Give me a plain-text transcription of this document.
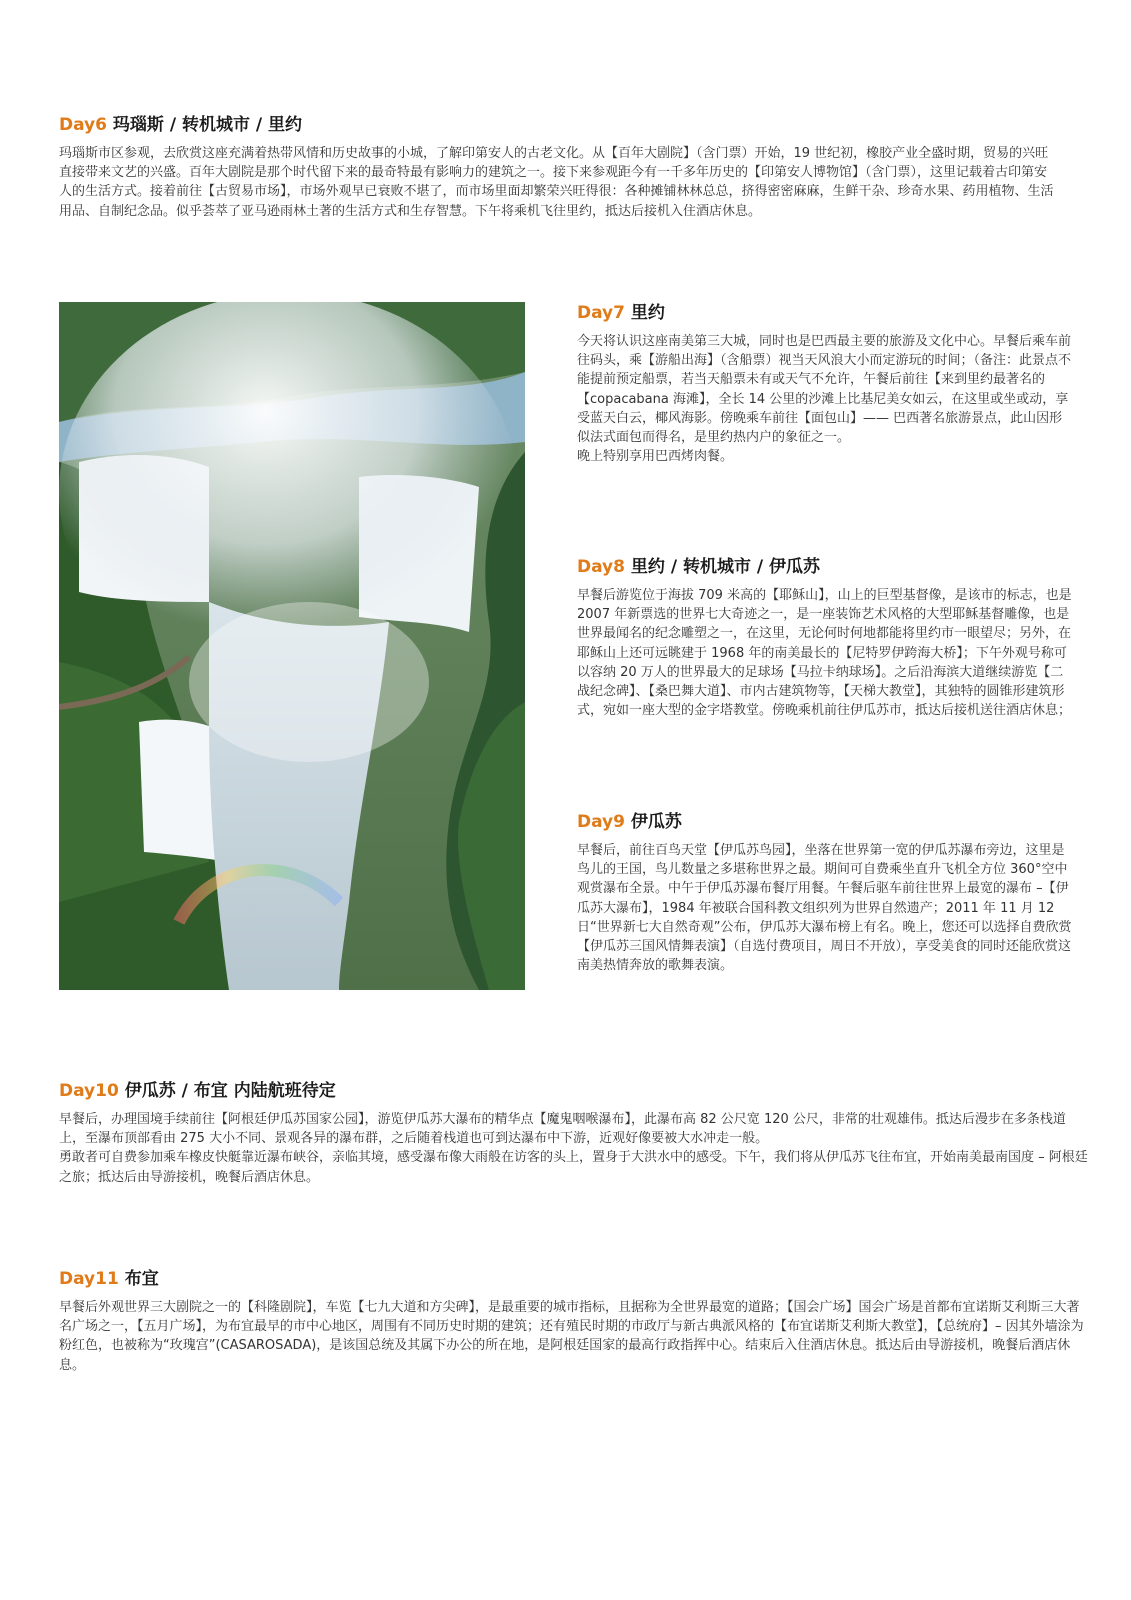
Day6 玛瑙斯 / 转机城市 / 里约

玛瑙斯市区参观，去欣赏这座充满着热带风情和历史故事的小城，了解印第安人的古老文化。从【百年大剧院】（含门票）开始，19 世纪初，橡胶产业全盛时期，贸易的兴旺直接带来文艺的兴盛。百年大剧院是那个时代留下来的最奇特最有影响力的建筑之一。接下来参观距今有一千多年历史的【印第安人博物馆】（含门票），这里记载着古印第安人的生活方式。接着前往【古贸易市场】，市场外观早已衰败不堪了，而市场里面却繁荣兴旺得很：各种摊铺林林总总，挤得密密麻麻，生鲜干杂、珍奇水果、药用植物、生活用品、自制纪念品。似乎荟萃了亚马逊雨林土著的生活方式和生存智慧。下午将乘机飞往里约，抵达后接机入住酒店休息。

Day7 里约

今天将认识这座南美第三大城，同时也是巴西最主要的旅游及文化中心。早餐后乘车前往码头，乘【游船出海】（含船票）视当天风浪大小而定游玩的时间；（备注：此景点不能提前预定船票，若当天船票未有或天气不允许，午餐后前往【来到里约最著名的【copacabana 海滩】，全长 14 公里的沙滩上比基尼美女如云，在这里或坐或动，享受蓝天白云，椰风海影。傍晚乘车前往【面包山】—— 巴西著名旅游景点，此山因形似法式面包而得名，是里约热内户的象征之一。

晚上特别享用巴西烤肉餐。

Day8 里约 / 转机城市 / 伊瓜苏

早餐后游览位于海拔 709 米高的【耶稣山】，山上的巨型基督像，是该市的标志，也是 2007 年新票选的世界七大奇迹之一，是一座装饰艺术风格的大型耶稣基督雕像，也是世界最闻名的纪念雕塑之一，在这里，无论何时何地都能将里约市一眼望尽；另外，在耶稣山上还可远眺建于 1968 年的南美最长的【尼特罗伊跨海大桥】；下午外观号称可以容纳 20 万人的世界最大的足球场【马拉卡纳球场】。之后沿海滨大道继续游览【二战纪念碑】、【桑巴舞大道】、市内古建筑物等，【天梯大教堂】，其独特的圆锥形建筑形式，宛如一座大型的金字塔教堂。傍晚乘机前往伊瓜苏市，抵达后接机送往酒店休息；

Day9 伊瓜苏

早餐后，前往百鸟天堂【伊瓜苏鸟园】，坐落在世界第一宽的伊瓜苏瀑布旁边，这里是鸟儿的王国，鸟儿数量之多堪称世界之最。期间可自费乘坐直升飞机全方位 360°空中观赏瀑布全景。中午于伊瓜苏瀑布餐厅用餐。午餐后驱车前往世界上最宽的瀑布 –【伊瓜苏大瀑布】，1984 年被联合国科教文组织列为世界自然遗产；2011 年 11 月 12 日“世界新七大自然奇观”公布，伊瓜苏大瀑布榜上有名。晚上，您还可以选择自费欣赏【伊瓜苏三国风情舞表演】（自选付费项目，周日不开放），享受美食的同时还能欣赏这南美热情奔放的歌舞表演。

Day10 伊瓜苏 / 布宜 内陆航班待定

早餐后，办理国境手续前往【阿根廷伊瓜苏国家公园】，游览伊瓜苏大瀑布的精华点【魔鬼咽喉瀑布】，此瀑布高 82 公尺宽 120 公尺，非常的壮观雄伟。抵达后漫步在多条栈道上，至瀑布顶部看由 275 大小不同、景观各异的瀑布群，之后随着栈道也可到达瀑布中下游，近观好像要被大水冲走一般。

勇敢者可自费参加乘车橡皮快艇靠近瀑布峡谷，亲临其境，感受瀑布像大雨般在访客的头上，置身于大洪水中的感受。下午，我们将从伊瓜苏飞往布宜，开始南美最南国度 – 阿根廷之旅；抵达后由导游接机，晚餐后酒店休息。

Day11 布宜

早餐后外观世界三大剧院之一的【科隆剧院】，车览【七九大道和方尖碑】，是最重要的城市指标，且据称为全世界最宽的道路；【国会广场】国会广场是首都布宜诺斯艾利斯三大著名广场之一，【五月广场】，为布宜最早的市中心地区，周围有不同历史时期的建筑；还有殖民时期的市政厅与新古典派风格的【布宜诺斯艾利斯大教堂】，【总统府】– 因其外墙涂为粉红色，也被称为“玫瑰宫”(CASAROSADA)，是该国总统及其属下办公的所在地，是阿根廷国家的最高行政指挥中心。结束后入住酒店休息。抵达后由导游接机，晚餐后酒店休息。
